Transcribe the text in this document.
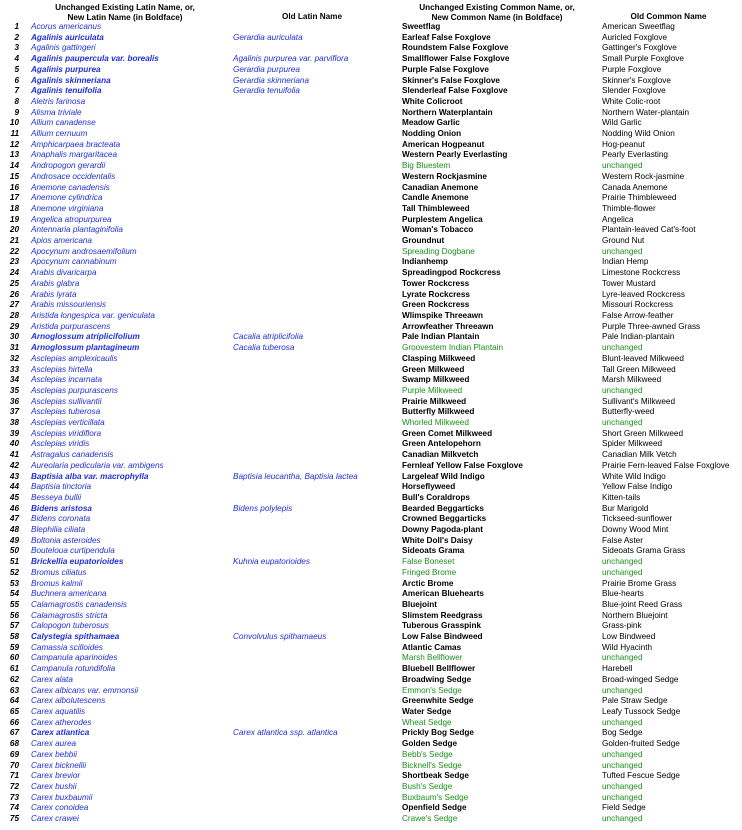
Unchanged Existing Latin Name, or,
New Latin Name (in Boldface)	Old Latin Name
Unchanged Existing Common Name, or,
New Common Name (in Boldface)	Old Common Name
1 Acorus americanus	Sweetflag	American Sweetflag
2 Agalinis auriculata	Gerardia auriculata	Earleaf False Foxglove	Auricled Foxglove
3 Agalinis gattingeri	Roundstem False Foxglove	Gattinger's Foxglove
4 Agalinis paupercula var. borealis	Agalinis purpurea var. parviflora	Smallflower False Foxglove	Small Purple Foxglove
5 Agalinis purpurea	Gerardia purpurea	Purple False Foxglove	Purple Foxglove
6 Agalinis skinneriana	Gerardia skinneriana	Skinner's False Foxglove	Skinner's Foxglove
7 Agalinis tenuifolia	Gerardia tenuifolia	Slenderleaf False Foxglove	Slender Foxglove
8 Aletris farinosa	White Colicroot	White Colic-root
9 Alisma triviale	Northern Waterplantain	Northern Water-plantain
10 Allium canadense	Meadow Garlic	Wild Garlic
11 Allium cernuum	Nodding Onion	Nodding Wild Onion
12 Amphicarpaea bracteata	American Hogpeanut	Hog-peanut
13 Anaphalis margaritacea	Western Pearly Everlasting	Pearly Everlasting
14 Andropogon gerardii	Big Bluestem	unchanged
15 Androsace occidentalis	Western Rockjasmine	Western Rock-jasmine
16 Anemone canadensis	Canadian Anemone	Canada Anemone
17 Anemone cylindrica	Candle Anemone	Prairie Thimbleweed
18 Anemone virginiana	Tall Thimbleweed	Thimble-flower
19 Angelica atropurpurea	Purplestem Angelica	Angelica
20 Antennaria plantaginifolia	Woman's Tobacco	Plantain-leaved Cat's-foot
21 Apios americana	Groundnut	Ground Nut
22 Apocynum androsaemifolium	Spreading Dogbane	unchanged
23 Apocynum cannabinum	Indianhemp	Indian Hemp
24 Arabis divaricarpa	Spreadingpod Rockcress	Limestone Rockcress
25 Arabis glabra	Tower Rockcress	Tower Mustard
26 Arabis lyrata	Lyrate Rockcress	Lyre-leaved Rockcress
27 Arabis missouriensis	Green Rockcress	Missouri Rockcress
28 Aristida longespica var. geniculata	Wlimspike Threeawn	False Arrow-feather
29 Aristida purpurascens	Arrowfeather Threeawn	Purple Three-awned Grass
30 Arnoglossum atriplicifolium	Cacalia atriplicifolia	Pale Indian Plantain	Pale Indian-plantain
31 Arnoglossum plantagineum	Cacalia tuberosa	Groovestem Indian Plantain	unchanged
32 Asclepias amplexicaulis	Clasping Milkweed	Blunt-leaved Milkweed
33 Asclepias hirtella	Green Milkweed	Tall Green Milkweed
34 Asclepias incarnata	Swamp Milkweed	Marsh Milkweed
35 Asclepias purpurascens	Purple Milkweed	unchanged
36 Asclepias sullivantii	Prairie Milkweed	Sullivant's Milkweed
37 Asclepias tuberosa	Butterfly Milkweed	Butterfly-weed
38 Asclepias verticillata	Whorled Milkweed	unchanged
39 Asclepias viridiflora	Green Comet Milkweed	Short Green Milkweed
40 Asclepias viridis	Green Antelopehorn	Spider Milkweed
41 Astragalus canadensis	Canadian Milkvetch	Canadian Milk Vetch
42 Aureolaria pedicularia var. ambigens	Fernleaf Yellow False Foxglove	Prairie Fern-leaved False Foxglove
43 Baptisia alba var. macrophylla	Baptisia leucantha, Baptisia lactea	Largeleaf Wild Indigo	White Wild Indigo
44 Baptisia tinctoria	Horseflyweed	Yellow False Indigo
45 Besseya bullii	Bull's Coraldrops	Kitten-tails
46 Bidens aristosa	Bidens polylepis	Bearded Beggarticks	Bur Marigold
47 Bidens coronata	Crowned Beggarticks	Tickseed-sunflower
48 Blephilia ciliata	Downy Pagoda-plant	Downy Wood Mint
49 Boltonia asteroides	White Doll's Daisy	False Aster
50 Bouteloua curtipendula	Sideoats Grama	Sideoats Grama Grass
51 Brickellia eupatorioides	Kuhnia eupatorioides	False Boneset	unchanged
52 Bromus ciliatus	Fringed Brome	unchanged
53 Bromus kalmii	Arctic Brome	Prairie Brome Grass
54 Buchnera americana	American Bluehearts	Blue-hearts
55 Calamagrostis canadensis	Bluejoint	Blue-joint Reed Grass
56 Calamagrostis stricta	Slimstem Reedgrass	Northern Bluejoint
57 Calopogon tuberosus	Tuberous Grasspink	Grass-pink
58 Calystegia spithamaea	Convolvulus spithamaeus	Low False Bindweed	Low Bindweed
59 Camassia scilloides	Atlantic Camas	Wild Hyacinth
60 Campanula aparinoides	Marsh Bellflower	unchanged
61 Campanula rotundifolia	Bluebell Bellflower	Harebell
62 Carex alata	Broadwing Sedge	Broad-winged Sedge
63 Carex albicans var. emmonsii	Emmon's Sedge	unchanged
64 Carex albolutescens	Greenwhite Sedge	Pale Straw Sedge
65 Carex aquatilis	Water Sedge	Leafy Tussock Sedge
66 Carex atherodes	Wheat Sedge	unchanged
67 Carex atlantica	Carex atlantica ssp. atlantica	Prickly Bog Sedge	Bog Sedge
68 Carex aurea	Golden Sedge	Golden-fruited Sedge
69 Carex bebbii	Bebb's Sedge	unchanged
70 Carex bicknellii	Bicknell's Sedge	unchanged
71 Carex brevior	Shortbeak Sedge	Tufted Fescue Sedge
72 Carex bushii	Bush's Sedge	unchanged
73 Carex buxbaumii	Buxbaum's Sedge	unchanged
74 Carex conoidea	Openfield Sedge	Field Sedge
75 Carex crawei	Crawe's Sedge	unchanged
